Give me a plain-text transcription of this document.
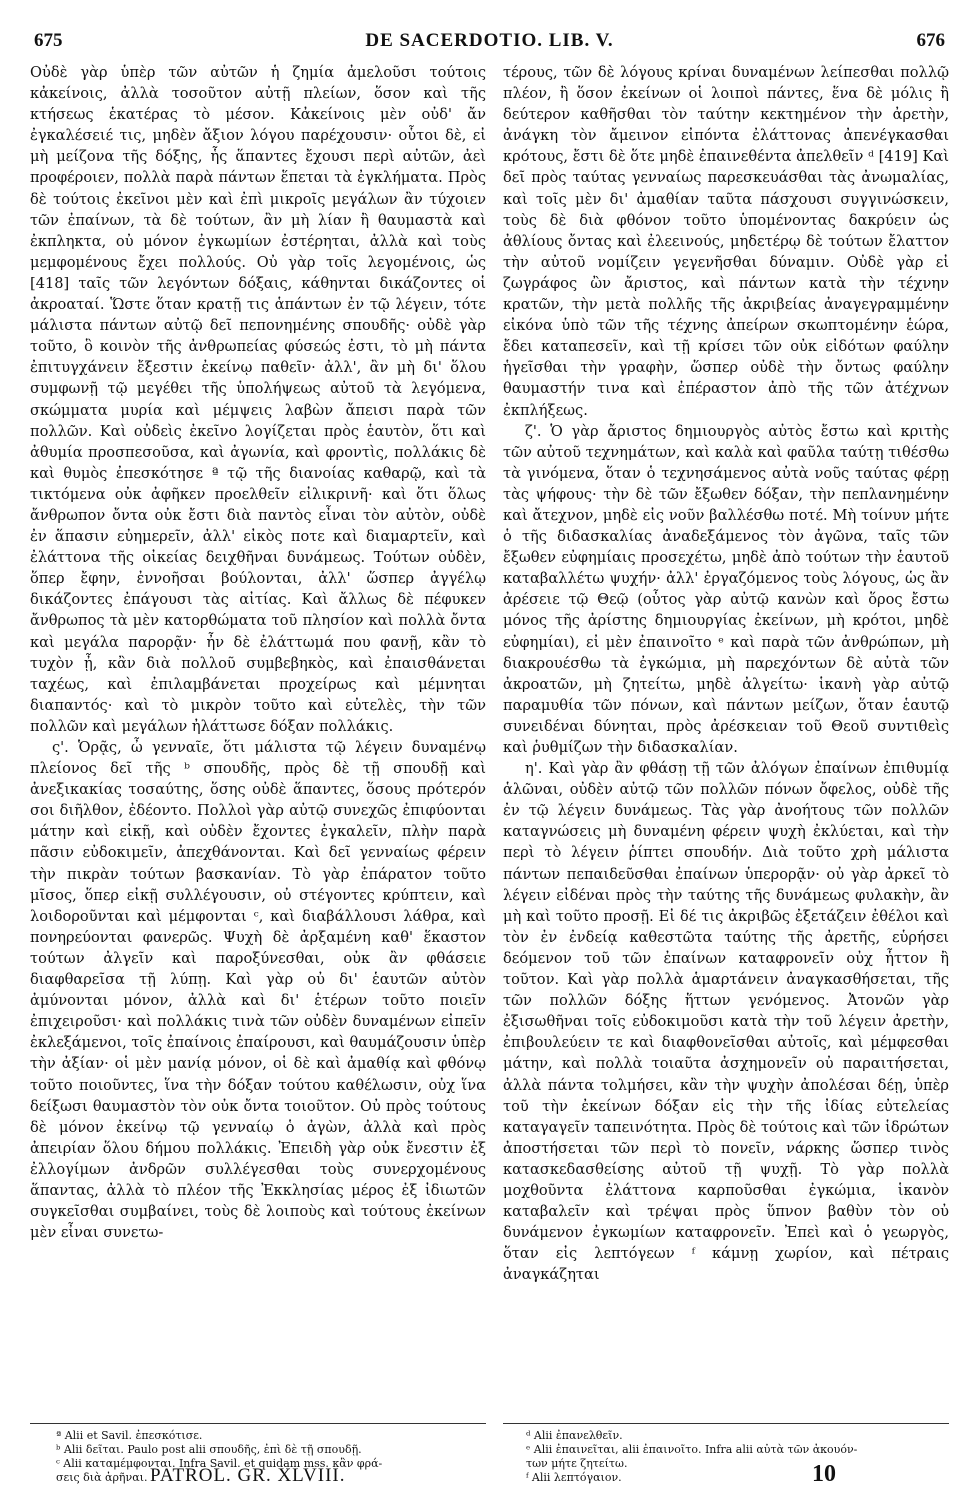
675	DE SACERDOTIO. LIB. V.	676

Οὐδὲ γὰρ ὑπὲρ τῶν αὐτῶν ἡ ζημία ἀμελοῦσι τούτοις κἀκείνοις, ἀλλὰ τοσοῦτον αὐτῇ πλείων, ὅσον καὶ τῆς κτήσεως ἑκατέρας τὸ μέσον. Κἀκείνοις μὲν οὐδ' ἄν ἐγκαλέσειέ τις, μηδὲν ἄξιον λόγου παρέχουσιν· οὗτοι δὲ, εἰ μὴ μείζονα τῆς δόξης, ἧς ἅπαντες ἔχουσι περὶ αὐτῶν, ἀεὶ προφέροιεν, πολλὰ παρὰ πάντων ἕπεται τὰ ἐγκλήματα. Πρὸς δὲ τούτοις ἐκεῖνοι μὲν καὶ ἐπὶ μικροῖς μεγάλων ἂν τύχοιεν τῶν ἐπαίνων, τὰ δὲ τούτων, ἂν μὴ λίαν ἢ θαυμαστὰ καὶ ἐκπληκτα, οὐ μόνον ἐγκωμίων ἐστέρηται, ἀλλὰ καὶ τοὺς μεμφομένους ἔχει πολλούς. Οὐ γὰρ τοῖς λεγομένοις, ὡς [418] ταῖς τῶν λεγόντων δόξαις, κάθηνται δικάζοντες οἱ ἀκροαταί. Ὥστε ὅταν κρατῇ τις ἁπάντων ἐν τῷ λέγειν, τότε μάλιστα πάντων αὐτῷ δεῖ πεπονημένης σπουδῆς· οὐδὲ γὰρ τοῦτο, ὃ κοινὸν τῆς ἀνθρωπείας φύσεώς ἐστι, τὸ μὴ πάντα ἐπιτυγχάνειν ἔξεστιν ἐκείνῳ παθεῖν· ἀλλ', ἂν μὴ δι' ὅλου συμφωνῇ τῷ μεγέθει τῆς ὑπολήψεως αὐτοῦ τὰ λεγόμενα, σκώμματα μυρία καὶ μέμψεις λαβὼν ἄπεισι παρὰ τῶν πολλῶν. Καὶ οὐδεὶς ἐκεῖνο λογίζεται πρὸς ἑαυτὸν, ὅτι καὶ ἀθυμία προσπεσοῦσα, καὶ ἀγωνία, καὶ φροντὶς, πολλάκις δὲ καὶ θυμὸς ἐπεσκότησε ª τῷ τῆς διανοίας καθαρῷ, καὶ τὰ τικτόμενα οὐκ ἀφῆκεν προελθεῖν εἰλικρινῆ· καὶ ὅτι ὅλως ἄνθρωπον ὄντα οὐκ ἔστι διὰ παντὸς εἶναι τὸν αὐτὸν, οὐδὲ ἐν ἅπασιν εὐημερεῖν, ἀλλ' εἰκὸς ποτε καὶ διαμαρτεῖν, καὶ ἐλάττονα τῆς οἰκείας δειχθῆναι δυνάμεως. Τούτων οὐδὲν, ὅπερ ἔφην, ἐννοῆσαι βούλονται, ἀλλ' ὥσπερ ἀγγέλῳ δικάζοντες ἐπάγουσι τὰς αἰτίας. Καὶ ἄλλως δὲ πέφυκεν ἄνθρωπος τὰ μὲν κατορθώματα τοῦ πλησίον καὶ πολλὰ ὄντα καὶ μεγάλα παρορᾷν· ἦν δὲ ἐλάττωμά που φανῇ, κἂν τὸ τυχὸν ᾖ, κἂν διὰ πολλοῦ συμβεβηκὸς, καὶ ἐπαισθάνεται ταχέως, καὶ ἐπιλαμβάνεται προχείρως καὶ μέμνηται διαπαντός· καὶ τὸ μικρὸν τοῦτο καὶ εὐτελὲς, τὴν τῶν πολλῶν καὶ μεγάλων ἠλάττωσε δόξαν πολλάκις.

ς'. Ὁρᾷς, ὦ γενναῖε, ὅτι μάλιστα τῷ λέγειν δυναμένῳ πλείονος δεῖ τῆς ᵇ σπουδῆς, πρὸς δὲ τῇ σπουδῇ καὶ ἀνεξικακίας τοσαύτης, ὅσης οὐδὲ ἅπαντες, ὅσους πρότερόν σοι διῆλθον, ἐδέοντο. Πολλοὶ γὰρ αὐτῷ συνεχῶς ἐπιφύονται μάτην καὶ εἰκῇ, καὶ οὐδὲν ἔχοντες ἐγκαλεῖν, πλὴν παρὰ πᾶσιν εὐδοκιμεῖν, ἀπεχθάνονται. Καὶ δεῖ γενναίως φέρειν τὴν πικρὰν τούτων βασκανίαν. Τὸ γὰρ ἐπάρατον τοῦτο μῖσος, ὅπερ εἰκῇ συλλέγουσιν, οὐ στέγοντες κρύπτειν, καὶ λοιδοροῦνται καὶ μέμφονται ᶜ, καὶ διαβάλλουσι λάθρα, καὶ πονηρεύονται φανερῶς. Ψυχὴ δὲ ἀρξαμένη καθ' ἕκαστον τούτων ἀλγεῖν καὶ παροξύνεσθαι, οὐκ ἂν φθάσειε διαφθαρεῖσα τῇ λύπῃ. Καὶ γὰρ οὐ δι' ἑαυτῶν αὐτὸν ἀμύνονται μόνον, ἀλλὰ καὶ δι' ἑτέρων τοῦτο ποιεῖν ἐπιχειροῦσι· καὶ πολλάκις τινὰ τῶν οὐδὲν δυναμένων εἰπεῖν ἐκλεξάμενοι, τοῖς ἐπαίνοις ἐπαίρουσι, καὶ θαυμάζουσιν ὑπὲρ τὴν ἀξίαν· οἱ μὲν μανίᾳ μόνον, οἱ δὲ καὶ ἀμαθίᾳ καὶ φθόνῳ τοῦτο ποιοῦντες, ἵνα τὴν δόξαν τούτου καθέλωσιν, οὐχ ἵνα δείξωσι θαυμαστὸν τὸν οὐκ ὄντα τοιοῦτον. Οὐ πρὸς τούτους δὲ μόνον ἐκείνῳ τῷ γενναίῳ ὁ ἀγὼν, ἀλλὰ καὶ πρὸς ἀπειρίαν ὅλου δήμου πολλάκις. Ἐπειδὴ γὰρ οὐκ ἔνεστιν ἐξ ἐλλογίμων ἀνδρῶν συλλέγεσθαι τοὺς συνερχομένους ἅπαντας, ἀλλὰ τὸ πλέον τῆς Ἐκκλησίας μέρος ἐξ ἰδιωτῶν συγκεῖσθαι συμβαίνει, τοὺς δὲ λοιποὺς καὶ τούτους ἐκείνων μὲν εἶναι συνετω-

τέρους, τῶν δὲ λόγους κρίναι δυναμένων λείπεσθαι πολλῷ πλέον, ἢ ὅσον ἐκείνων οἱ λοιποὶ πάντες, ἕνα δὲ μόλις ἢ δεύτερον καθῆσθαι τὸν ταύτην κεκτημένον τὴν ἀρετὴν, ἀνάγκη τὸν ἄμεινον εἰπόντα ἐλάττονας ἀπενέγκασθαι κρότους, ἔστι δὲ ὅτε μηδὲ ἐπαινεθέντα ἀπελθεῖν ᵈ [419] Καὶ δεῖ πρὸς ταύτας γενναίως παρεσκευάσθαι τὰς ἀνωμαλίας, καὶ τοῖς μὲν δι' ἀμαθίαν ταῦτα πάσχουσι συγγινώσκειν, τοὺς δὲ διὰ φθόνον τοῦτο ὑπομένοντας δακρύειν ὡς ἀθλίους ὄντας καὶ ἐλεεινούς, μηδετέρῳ δὲ τούτων ἔλαττον τὴν αὐτοῦ νομίζειν γεγενῆσθαι δύναμιν. Οὐδὲ γὰρ εἰ ζωγράφος ὢν ἄριστος, καὶ πάντων κατὰ τὴν τέχνην κρατῶν, τὴν μετὰ πολλῆς τῆς ἀκριβείας ἀναγεγραμμένην εἰκόνα ὑπὸ τῶν τῆς τέχνης ἀπείρων σκωπτομένην ἑώρα, ἔδει καταπεσεῖν, καὶ τῇ κρίσει τῶν οὐκ εἰδότων φαύλην ἡγεῖσθαι τὴν γραφὴν, ὥσπερ οὐδὲ τὴν ὄντως φαύλην θαυμαστήν τινα καὶ ἐπέραστον ἀπὸ τῆς τῶν ἀτέχνων ἐκπλήξεως.

ζ'. Ὁ γὰρ ἄριστος δημιουργὸς αὐτὸς ἔστω καὶ κριτὴς τῶν αὐτοῦ τεχνημάτων, καὶ καλὰ καὶ φαῦλα ταύτῃ τιθέσθω τὰ γινόμενα, ὅταν ὁ τεχνησάμενος αὐτὰ νοῦς ταύτας φέρῃ τὰς ψήφους· τὴν δὲ τῶν ἔξωθεν δόξαν, τὴν πεπλανημένην καὶ ἄτεχνον, μηδὲ εἰς νοῦν βαλλέσθω ποτέ. Μὴ τοίνυν μήτε ὁ τῆς διδασκαλίας ἀναδεξάμενος τὸν ἀγῶνα, ταῖς τῶν ἔξωθεν εὐφημίαις προσεχέτω, μηδὲ ἀπὸ τούτων τὴν ἑαυτοῦ καταβαλλέτω ψυχήν· ἀλλ' ἐργαζόμενος τοὺς λόγους, ὡς ἂν ἀρέσειε τῷ Θεῷ (οὗτος γὰρ αὐτῷ κανὼν καὶ ὅρος ἔστω μόνος τῆς ἀρίστης δημιουργίας ἐκείνων, μὴ κρότοι, μηδὲ εὐφημίαι), εἰ μὲν ἐπαινοῖτο ᵉ καὶ παρὰ τῶν ἀνθρώπων, μὴ διακρουέσθω τὰ ἐγκώμια, μὴ παρεχόντων δὲ αὐτὰ τῶν ἀκροατῶν, μὴ ζητείτω, μηδὲ ἀλγείτω· ἱκανὴ γὰρ αὐτῷ παραμυθία τῶν πόνων, καὶ πάντων μείζων, ὅταν ἑαυτῷ συνειδέναι δύνηται, πρὸς ἀρέσκειαν τοῦ Θεοῦ συντιθεὶς καὶ ῥυθμίζων τὴν διδασκαλίαν.

η'. Καὶ γὰρ ἂν φθάσῃ τῇ τῶν ἀλόγων ἐπαίνων ἐπιθυμίᾳ ἁλῶναι, οὐδὲν αὐτῷ τῶν πολλῶν πόνων ὄφελος, οὐδὲ τῆς ἐν τῷ λέγειν δυνάμεως. Τὰς γὰρ ἀνοήτους τῶν πολλῶν καταγνώσεις μὴ δυναμένη φέρειν ψυχὴ ἐκλύεται, καὶ τὴν περὶ τὸ λέγειν ῥίπτει σπουδήν. Διὰ τοῦτο χρὴ μάλιστα πάντων πεπαιδεῦσθαι ἐπαίνων ὑπερορᾷν· οὐ γὰρ ἀρκεῖ τὸ λέγειν εἰδέναι πρὸς τὴν ταύτης τῆς δυνάμεως φυλακὴν, ἂν μὴ καὶ τοῦτο προσῇ. Εἰ δέ τις ἀκριβῶς ἐξετάζειν ἐθέλοι καὶ τὸν ἐν ἐνδείᾳ καθεστῶτα ταύτης τῆς ἀρετῆς, εὑρήσει δεόμενον τοῦ τῶν ἐπαίνων καταφρονεῖν οὐχ ἧττον ἢ τοῦτον. Καὶ γὰρ πολλὰ ἁμαρτάνειν ἀναγκασθήσεται, τῆς τῶν πολλῶν δόξης ἥττων γενόμενος. Ἀτονῶν γὰρ ἐξισωθῆναι τοῖς εὐδοκιμοῦσι κατὰ τὴν τοῦ λέγειν ἀρετὴν, ἐπιβουλεύειν τε καὶ διαφθονεῖσθαι αὐτοῖς, καὶ μέμφεσθαι μάτην, καὶ πολλὰ τοιαῦτα ἀσχημονεῖν οὐ παραιτήσεται, ἀλλὰ πάντα τολμήσει, κἂν τὴν ψυχὴν ἀπολέσαι δέῃ, ὑπὲρ τοῦ τὴν ἐκείνων δόξαν εἰς τὴν τῆς ἰδίας εὐτελείας καταγαγεῖν ταπεινότητα. Πρὸς δὲ τούτοις καὶ τῶν ἱδρώτων ἀποστήσεται τῶν περὶ τὸ πονεῖν, νάρκης ὥσπερ τινὸς κατασκεδασθείσης αὐτοῦ τῇ ψυχῇ. Τὸ γὰρ πολλὰ μοχθοῦντα ἐλάττονα καρποῦσθαι ἐγκώμια, ἱκανὸν καταβαλεῖν καὶ τρέψαι πρὸς ὕπνον βαθὺν τὸν οὐ δυνάμενον ἐγκωμίων καταφρονεῖν. Ἐπεὶ καὶ ὁ γεωργὸς, ὅταν εἰς λεπτόγεων ᶠ κάμνῃ χωρίον, καὶ πέτραις ἀναγκάζηται

ª Alii et Savil. ἐπεσκότισε.
ᵇ Alii δεῖται. Paulo post alii σπουδῆς, ἐπὶ δὲ τῇ σπουδῇ.
ᶜ Alii καταμέμφονται. Infra Savil. et quidam mss. κἂν φρά-
σεις διὰ ἀρῆναι.
ᵈ Alii ἐπανελθεῖν.
ᵉ Alii ἐπαινεῖται, alii ἐπαινοῖτο. Infra alii αὐτὰ τῶν ἀκουόν-
των μήτε ζητείτω.
ᶠ Alii λεπτόγαιον.
PATROL. GR. XLVIII.	10
